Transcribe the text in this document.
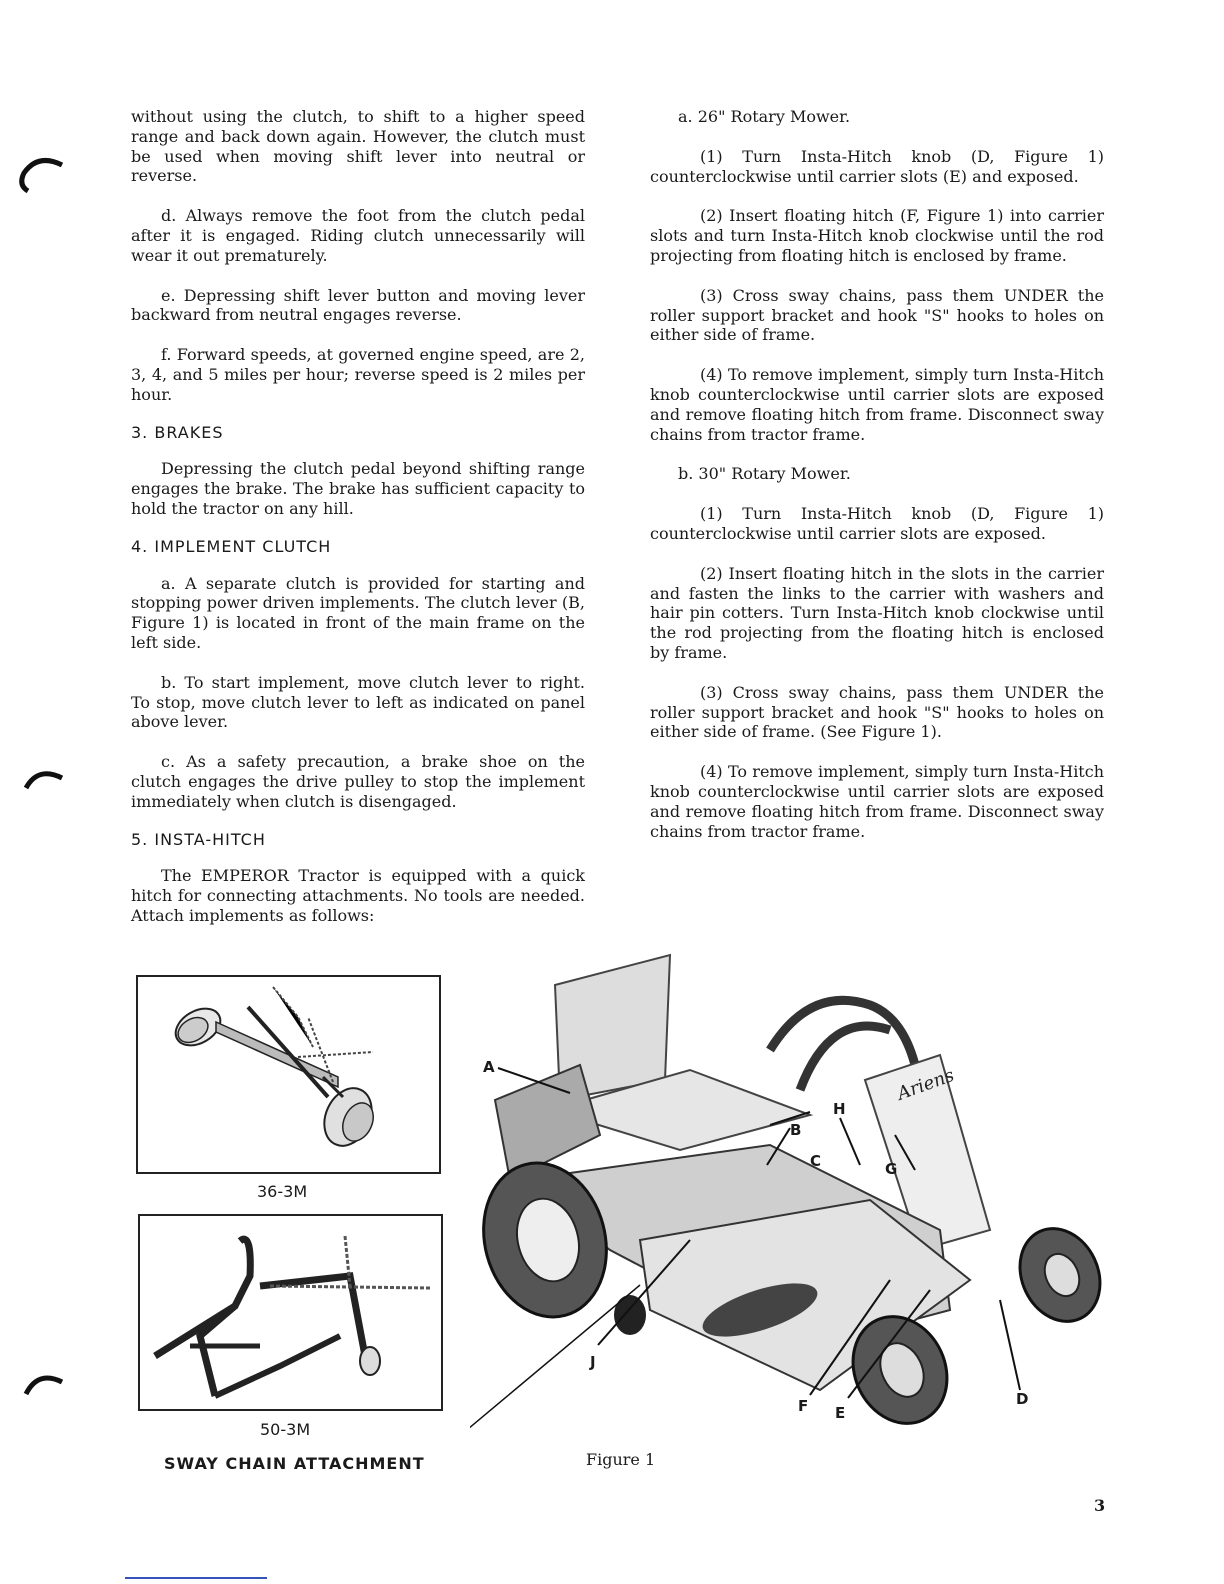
without using the clutch, to shift to a higher speed range and back down again. However, the clutch must be used when moving shift lever into neutral or reverse.

d. Always remove the foot from the clutch pedal after it is engaged. Riding clutch unnecessarily will wear it out prematurely.

e. Depressing shift lever button and moving lever backward from neutral engages reverse.

f. Forward speeds, at governed engine speed, are 2, 3, 4, and 5 miles per hour; reverse speed is 2 miles per hour.

3. BRAKES

Depressing the clutch pedal beyond shifting range engages the brake. The brake has sufficient capacity to hold the tractor on any hill.

4. IMPLEMENT CLUTCH

a. A separate clutch is provided for starting and stopping power driven implements. The clutch lever (B, Figure 1) is located in front of the main frame on the left side.

b. To start implement, move clutch lever to right. To stop, move clutch lever to left as indicated on panel above lever.

c. As a safety precaution, a brake shoe on the clutch engages the drive pulley to stop the implement immediately when clutch is disengaged.

5. INSTA-HITCH

The EMPEROR Tractor is equipped with a quick hitch for connecting attachments. No tools are needed. Attach implements as follows:

a. 26" Rotary Mower.

(1) Turn Insta-Hitch knob (D, Figure 1) counterclockwise until carrier slots (E) and exposed.

(2) Insert floating hitch (F, Figure 1) into carrier slots and turn Insta-Hitch knob clockwise until the rod projecting from floating hitch is enclosed by frame.

(3) Cross sway chains, pass them UNDER the roller support bracket and hook "S" hooks to holes on either side of frame.

(4) To remove implement, simply turn Insta-Hitch knob counterclockwise until carrier slots are exposed and remove floating hitch from frame. Disconnect sway chains from tractor frame.

b. 30" Rotary Mower.

(1) Turn Insta-Hitch knob (D, Figure 1) counterclockwise until carrier slots are exposed.

(2) Insert floating hitch in the slots in the carrier and fasten the links to the carrier with washers and hair pin cotters. Turn Insta-Hitch knob clockwise until the rod projecting from the floating hitch is enclosed by frame.

(3) Cross sway chains, pass them UNDER the roller support bracket and hook "S" hooks to holes on either side of frame. (See Figure 1).

(4) To remove implement, simply turn Insta-Hitch knob counterclockwise until carrier slots are exposed and remove floating hitch from frame. Disconnect sway chains from tractor frame.

36-3M
50-3M
SWAY CHAIN ATTACHMENT
Ariens
A
B
C
H
G
J
F E
D
Figure 1
3
